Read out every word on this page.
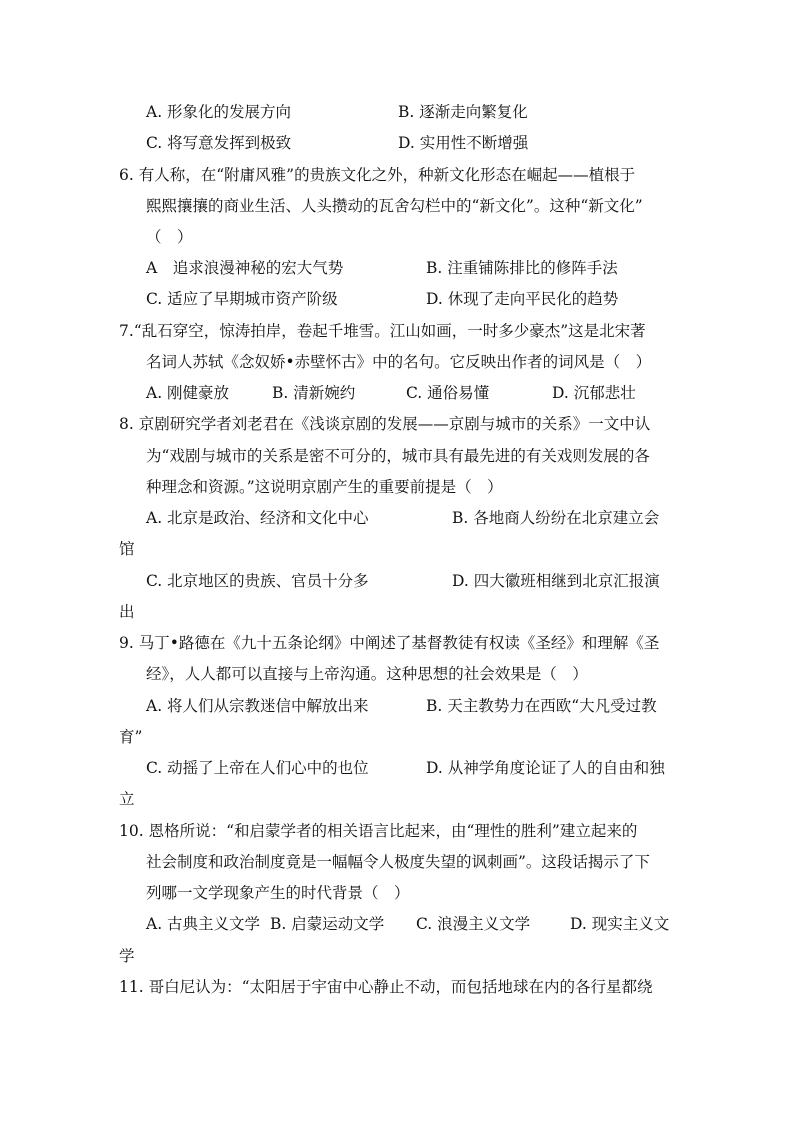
A. 形象化的发展方向	B. 逐渐走向繁复化
C. 将写意发挥到极致	D. 实用性不断增强
6. 有人称，在“附庸风雅”的贵族文化之外，种新文化形态在崛起——植根于
熙熙攘攘的商业生活、人头攒动的瓦舍勾栏中的“新文化”。这种“新文化”
（　）
A　追求浪漫神秘的宏大气势	B. 注重铺陈排比的修阵手法
C. 适应了早期城市资产阶级	D. 休现了走向平民化的趋势
7.“乱石穿空，惊涛拍岸，卷起千堆雪。江山如画，一时多少豪杰”这是北宋著
名词人苏轼《念奴娇•赤壁怀古》中的名句。它反映出作者的词风是（　）
A. 刚健豪放	B. 清新婉约	C. 通俗易懂	D. 沉郁悲壮
8. 京剧研究学者刘老君在《浅谈京剧的发展——京剧与城市的关系》一文中认
为“戏剧与城市的关系是密不可分的，城市具有最先进的有关戏则发展的各
种理念和资源。”这说明京剧产生的重要前提是（　）
A. 北京是政治、经济和文化中心	B. 各地商人纷纷在北京建立会
馆
C. 北京地区的贵族、官员十分多	D. 四大徽班相继到北京汇报演
出
9. 马丁•路德在《九十五条论纲》中阐述了基督教徒有权读《圣经》和理解《圣
经》，人人都可以直接与上帝沟通。这种思想的社会效果是（　）
A. 将人们从宗教迷信中解放出来	B. 天主教势力在西欧“大凡受过教
育”
C. 动摇了上帝在人们心中的也位	D. 从神学角度论证了人的自由和独
立
10. 恩格所说：“和启蒙学者的相关语言比起来，由“理性的胜利”建立起来的
社会制度和政治制度竟是一幅幅令人极度失望的讽刺画”。这段话揭示了下
列哪一文学现象产生的时代背景（　）
A. 古典主义文学 B. 启蒙运动文学 C. 浪漫主义文学	D. 现实主义文
学
11. 哥白尼认为：“太阳居于宇宙中心静止不动，而包括地球在内的各行星都绕
